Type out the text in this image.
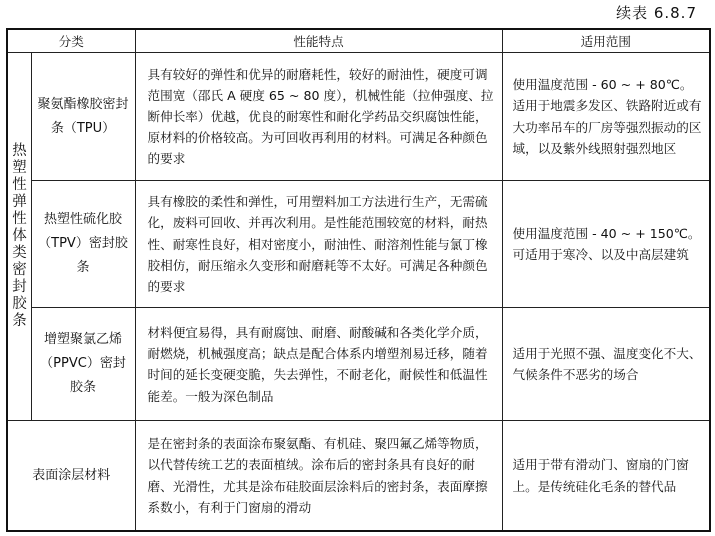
续表 6.8.7
分类		性能特点	适用范围
热塑性弹性体类密封胶条	聚氨酯橡胶密封条（TPU）	具有较好的弹性和优异的耐磨耗性，较好的耐油性，硬度可调范围宽（邵氏 A 硬度 65 ~ 80 度），机械性能（拉伸强度、拉断伸长率）优越，优良的耐寒性和耐化学药品交织腐蚀性能，原材料的价格较高。为可回收再利用的材料。可满足各种颜色的要求	使用温度范围 - 60 ~ + 80℃。适用于地震多发区、铁路附近或有大功率吊车的厂房等强烈振动的区域，以及紫外线照射强烈地区
	热塑性硫化胶（TPV）密封胶条	具有橡胶的柔性和弹性，可用塑料加工方法进行生产，无需硫化，废料可回收、并再次利用。是性能范围较宽的材料，耐热性、耐寒性良好，相对密度小，耐油性、耐溶剂性能与氯丁橡胶相仿，耐压缩永久变形和耐磨耗等不太好。可满足各种颜色的要求	使用温度范围 - 40 ~ + 150℃。可适用于寒冷、以及中高层建筑
	增塑聚氯乙烯（PPVC）密封胶条	材料便宜易得，具有耐腐蚀、耐磨、耐酸碱和各类化学介质，耐燃烧，机械强度高；缺点是配合体系内增塑剂易迁移，随着时间的延长变硬变脆，失去弹性，不耐老化，耐候性和低温性能差。一般为深色制品	适用于光照不强、温度变化不大、气候条件不恶劣的场合
表面涂层材料		是在密封条的表面涂布聚氨酯、有机硅、聚四氟乙烯等物质，以代替传统工艺的表面植绒。涂布后的密封条具有良好的耐磨、光滑性，尤其是涂布硅胶面层涂料后的密封条，表面摩擦系数小，有利于门窗扇的滑动	适用于带有滑动门、窗扇的门窗上。是传统硅化毛条的替代品
